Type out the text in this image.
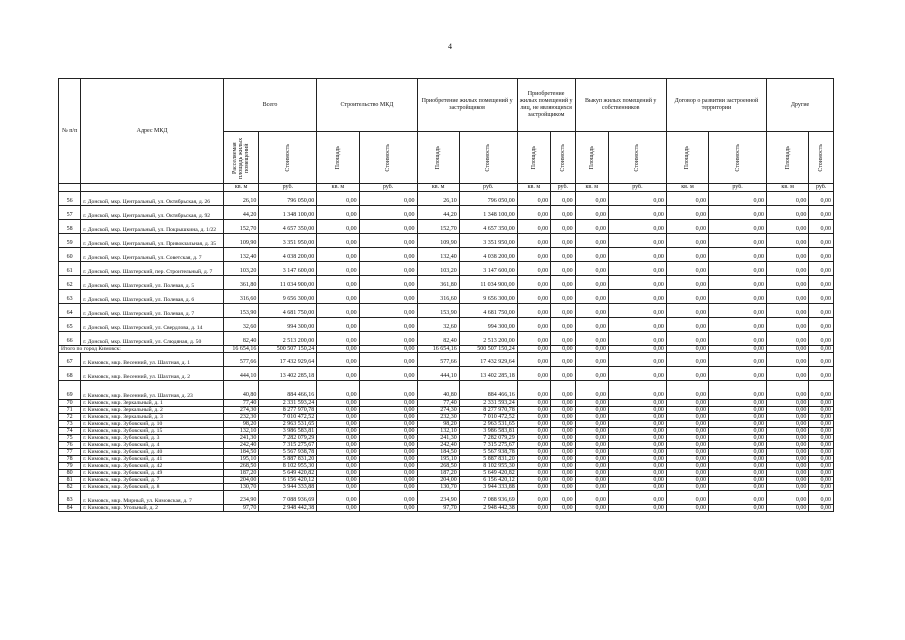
4
№ п/п	Адрес МКД	Всего		Строительство МКД		Приобретение жилых помещений у застройщиков		Приобретение жилых помещений у лиц, не являющихся застройщиком		Выкуп жилых помещений у собственников		Договор о развитии застроенной территории		Другие	

		Расселяемая площадь жилых помещений	Стоимость	Площадь	Стоимость	Площадь	Стоимость	Площадь	Стоимость	Площадь	Стоимость	Площадь	Стоимость	Площадь	Стоимость

		кв. м	руб.	кв. м	руб.	кв. м	руб.	кв. м	руб.	кв. м	руб.	кв. м	руб.	кв. м	руб.
56	г. Донской, мкр. Центральный, ул. Октябрьская, д. 26	26,10	796 050,00	0,00	0,00	26,10	796 050,00	0,00	0,00	0,00	0,00	0,00	0,00	0,00	0,00
57	г. Донской, мкр. Центральный, ул. Октябрьская, д. 92	44,20	1 348 100,00	0,00	0,00	44,20	1 348 100,00	0,00	0,00	0,00	0,00	0,00	0,00	0,00	0,00
58	г. Донской, мкр. Центральный, ул. Покрышкина, д. 1/22	152,70	4 657 350,00	0,00	0,00	152,70	4 657 350,00	0,00	0,00	0,00	0,00	0,00	0,00	0,00	0,00
59	г. Донской, мкр. Центральный, ул. Привокзальная, д. 35	109,90	3 351 950,00	0,00	0,00	109,90	3 351 950,00	0,00	0,00	0,00	0,00	0,00	0,00	0,00	0,00
60	г. Донской, мкр. Центральный, ул. Советская, д. 7	132,40	4 038 200,00	0,00	0,00	132,40	4 038 200,00	0,00	0,00	0,00	0,00	0,00	0,00	0,00	0,00
61	г. Донской, мкр. Шахтерский, пер. Строительный, д. 7	103,20	3 147 600,00	0,00	0,00	103,20	3 147 600,00	0,00	0,00	0,00	0,00	0,00	0,00	0,00	0,00
62	г. Донской, мкр. Шахтерский, ул. Полевая, д. 5	361,80	11 034 900,00	0,00	0,00	361,80	11 034 900,00	0,00	0,00	0,00	0,00	0,00	0,00	0,00	0,00
63	г. Донской, мкр. Шахтерский, ул. Полевая, д. 6	316,60	9 656 300,00	0,00	0,00	316,60	9 656 300,00	0,00	0,00	0,00	0,00	0,00	0,00	0,00	0,00
64	г. Донской, мкр. Шахтерский, ул. Полевая, д. 7	153,90	4 681 750,00	0,00	0,00	153,90	4 681 750,00	0,00	0,00	0,00	0,00	0,00	0,00	0,00	0,00
65	г. Донской, мкр. Шахтерский, ул. Свердлова, д. 14	32,60	994 300,00	0,00	0,00	32,60	994 300,00	0,00	0,00	0,00	0,00	0,00	0,00	0,00	0,00
66	г. Донской, мкр. Шахтерский, ул. Слюдяная, д. 50	82,40	2 513 200,00	0,00	0,00	82,40	2 513 200,00	0,00	0,00	0,00	0,00	0,00	0,00	0,00	0,00
Итого по город Кимовск:		16 654,16	500 507 150,24	0,00	0,00	16 654,16	500 507 150,24	0,00	0,00	0,00	0,00	0,00	0,00	0,00	0,00
67	г. Кимовск, мкр. Весенний, ул. Шахтная, д. 1	577,66	17 432 929,64	0,00	0,00	577,66	17 432 929,64	0,00	0,00	0,00	0,00	0,00	0,00	0,00	0,00
68	г. Кимовск, мкр. Весенний, ул. Шахтная, д. 2	444,10	13 402 285,18	0,00	0,00	444,10	13 402 285,18	0,00	0,00	0,00	0,00	0,00	0,00	0,00	0,00
69	г. Кимовск, мкр. Весенний, ул. Шахтная, д. 23	40,80	884 466,16	0,00	0,00	40,80	884 466,16	0,00	0,00	0,00	0,00	0,00	0,00	0,00	0,00
70	г. Кимовск, мкр. Зеркальный, д. 1	77,40	2 331 593,24	0,00	0,00	77,40	2 331 593,24	0,00	0,00	0,00	0,00	0,00	0,00	0,00	0,00
71	г. Кимовск, мкр. Зеркальный, д. 2	274,30	8 277 970,78	0,00	0,00	274,30	8 277 970,78	0,00	0,00	0,00	0,00	0,00	0,00	0,00	0,00
72	г. Кимовск, мкр. Зеркальный, д. 3	232,30	7 010 472,52	0,00	0,00	232,30	7 010 472,52	0,00	0,00	0,00	0,00	0,00	0,00	0,00	0,00
73	г. Кимовск, мкр. Зубовский, д. 10	98,20	2 963 531,65	0,00	0,00	98,20	2 963 531,65	0,00	0,00	0,00	0,00	0,00	0,00	0,00	0,00
74	г. Кимовск, мкр. Зубовский, д. 15	132,10	3 986 583,81	0,00	0,00	132,10	3 986 583,81	0,00	0,00	0,00	0,00	0,00	0,00	0,00	0,00
75	г. Кимовск, мкр. Зубовский, д. 3	241,30	7 282 079,29	0,00	0,00	241,30	7 282 079,29	0,00	0,00	0,00	0,00	0,00	0,00	0,00	0,00
76	г. Кимовск, мкр. Зубовский, д. 4	242,40	7 315 275,67	0,00	0,00	242,40	7 315 275,67	0,00	0,00	0,00	0,00	0,00	0,00	0,00	0,00
77	г. Кимовск, мкр. Зубовский, д. 40	184,50	5 567 938,78	0,00	0,00	184,50	5 567 938,78	0,00	0,00	0,00	0,00	0,00	0,00	0,00	0,00
78	г. Кимовск, мкр. Зубовский, д. 41	195,10	5 887 831,20	0,00	0,00	195,10	5 887 831,20	0,00	0,00	0,00	0,00	0,00	0,00	0,00	0,00
79	г. Кимовск, мкр. Зубовский, д. 42	268,50	8 102 955,30	0,00	0,00	268,50	8 102 955,30	0,00	0,00	0,00	0,00	0,00	0,00	0,00	0,00
80	г. Кимовск, мкр. Зубовский, д. 49	187,20	5 649 420,82	0,00	0,00	187,20	5 649 420,82	0,00	0,00	0,00	0,00	0,00	0,00	0,00	0,00
81	г. Кимовск, мкр. Зубовский, д. 7	204,00	6 156 420,12	0,00	0,00	204,00	6 156 420,12	0,00	0,00	0,00	0,00	0,00	0,00	0,00	0,00
82	г. Кимовск, мкр. Зубовский, д. 8	130,70	3 944 333,88	0,00	0,00	130,70	3 944 333,88	0,00	0,00	0,00	0,00	0,00	0,00	0,00	0,00
83	г. Кимовск, мкр. Мирный, ул. Кимовская, д. 7	234,90	7 088 936,69	0,00	0,00	234,90	7 088 936,69	0,00	0,00	0,00	0,00	0,00	0,00	0,00	0,00
84	г. Кимовск, мкр. Угольный, д. 2	97,70	2 948 442,38	0,00	0,00	97,70	2 948 442,38	0,00	0,00	0,00	0,00	0,00	0,00	0,00	0,00
